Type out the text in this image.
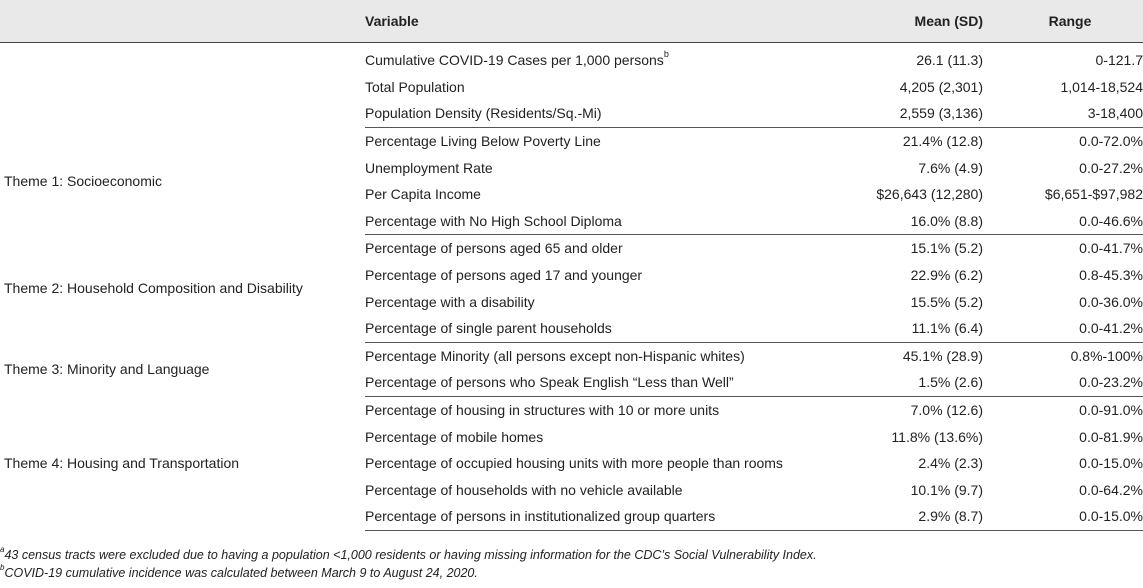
	Variable	Mean (SD)	Range
	Cumulative COVID-19 Cases per 1,000 persons$^b$	26.1 (11.3)	0-121.7
	Total Population	4,205 (2,301)	1,014-18,524
	Population Density (Residents/Sq.-Mi)	2,559 (3,136)	3-18,400
Theme 1: Socioeconomic	Percentage Living Below Poverty Line	21.4% (12.8)	0.0-72.0%
	Unemployment Rate	7.6% (4.9)	0.0-27.2%
	Per Capita Income	$26,643 (12,280)	$6,651-$97,982
	Percentage with No High School Diploma	16.0% (8.8)	0.0-46.6%
Theme 2: Household Composition and Disability	Percentage of persons aged 65 and older	15.1% (5.2)	0.0-41.7%
	Percentage of persons aged 17 and younger	22.9% (6.2)	0.8-45.3%
	Percentage with a disability	15.5% (5.2)	0.0-36.0%
	Percentage of single parent households	11.1% (6.4)	0.0-41.2%
Theme 3: Minority and Language	Percentage Minority (all persons except non-Hispanic whites)	45.1% (28.9)	0.8%-100%
	Percentage of persons who Speak English “Less than Well”	1.5% (2.6)	0.0-23.2%
Theme 4: Housing and Transportation	Percentage of housing in structures with 10 or more units	7.0% (12.6)	0.0-91.0%
	Percentage of mobile homes	11.8% (13.6%)	0.0-81.9%
	Percentage of occupied housing units with more people than rooms	2.4% (2.3)	0.0-15.0%
	Percentage of households with no vehicle available	10.1% (9.7)	0.0-64.2%
	Percentage of persons in institutionalized group quarters	2.9% (8.7)	0.0-15.0%
$^a$43 census tracts were excluded due to having a population <1,000 residents or having missing information for the CDC’s Social Vulnerability Index.
$^b$COVID-19 cumulative incidence was calculated between March 9 to August 24, 2020.
